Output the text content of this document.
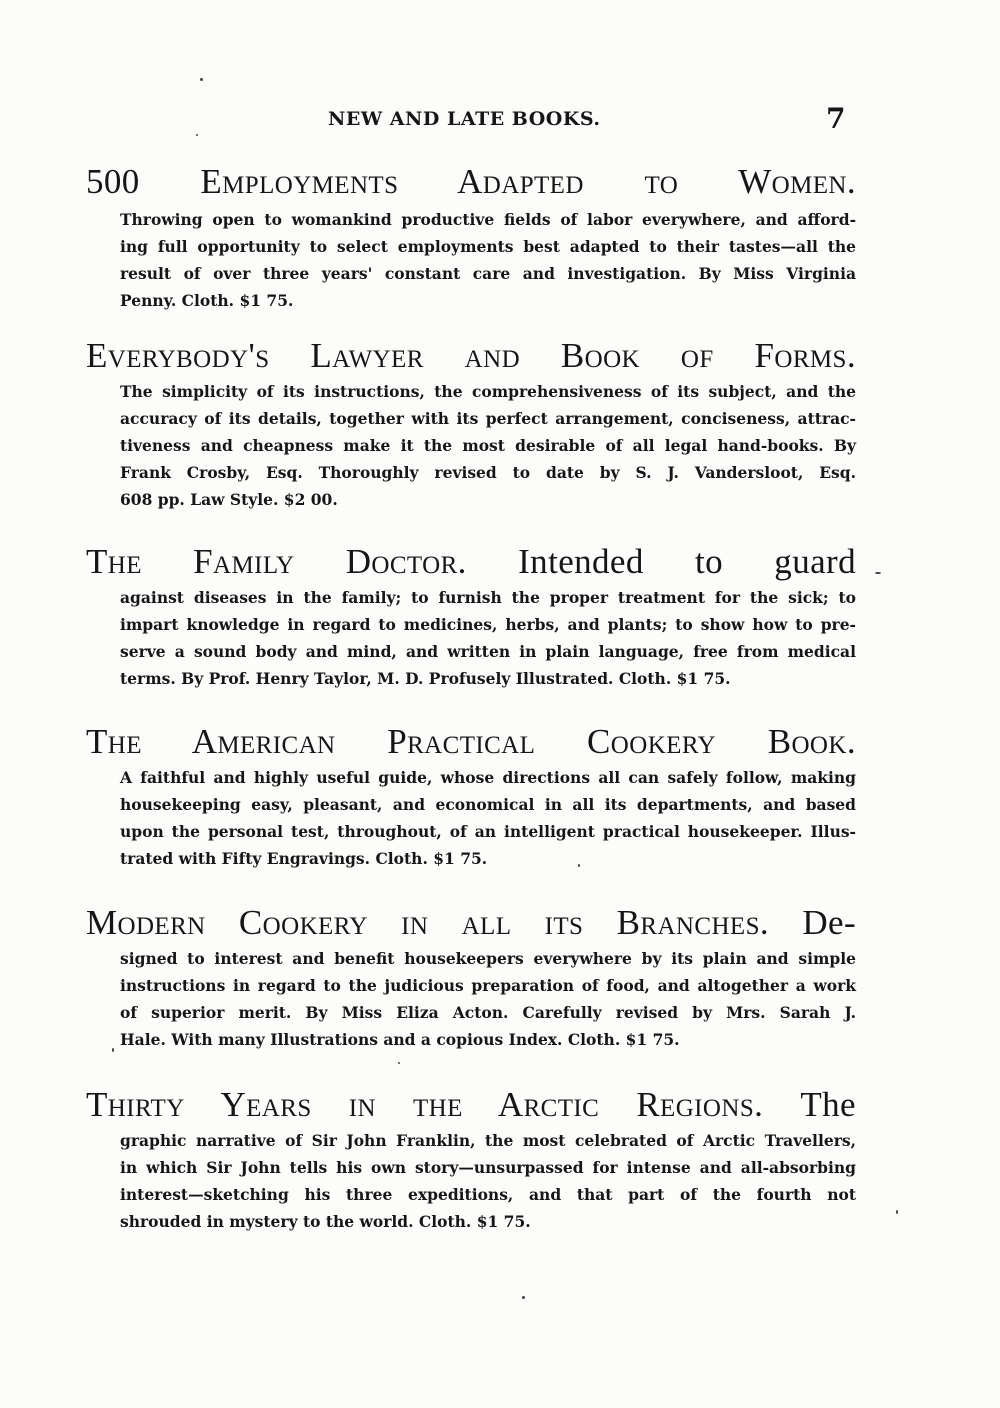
NEW AND LATE BOOKS.	7
500 Employments Adapted to Women.
Throwing open to womankind productive fields of labor everywhere, and afford-
ing full opportunity to select employments best adapted to their tastes—all the
result of over three years' constant care and investigation. By Miss Virginia
Penny. Cloth. $1 75.
Everybody's Lawyer and Book of Forms.
The simplicity of its instructions, the comprehensiveness of its subject, and the
accuracy of its details, together with its perfect arrangement, conciseness, attrac-
tiveness and cheapness make it the most desirable of all legal hand-books. By
Frank Crosby, Esq. Thoroughly revised to date by S. J. Vandersloot, Esq.
608 pp. Law Style. $2 00.
The Family Doctor. Intended to guard
against diseases in the family; to furnish the proper treatment for the sick; to
impart knowledge in regard to medicines, herbs, and plants; to show how to pre-
serve a sound body and mind, and written in plain language, free from medical
terms. By Prof. Henry Taylor, M. D. Profusely Illustrated. Cloth. $1 75.
The American Practical Cookery Book.
A faithful and highly useful guide, whose directions all can safely follow, making
housekeeping easy, pleasant, and economical in all its departments, and based
upon the personal test, throughout, of an intelligent practical housekeeper. Illus-
trated with Fifty Engravings. Cloth. $1 75.
Modern Cookery in all its Branches. De-
signed to interest and benefit housekeepers everywhere by its plain and simple
instructions in regard to the judicious preparation of food, and altogether a work
of superior merit. By Miss Eliza Acton. Carefully revised by Mrs. Sarah J.
Hale. With many Illustrations and a copious Index. Cloth. $1 75.
Thirty Years in the Arctic Regions. The
graphic narrative of Sir John Franklin, the most celebrated of Arctic Travellers,
in which Sir John tells his own story—unsurpassed for intense and all-absorbing
interest—sketching his three expeditions, and that part of the fourth not
shrouded in mystery to the world. Cloth. $1 75.
